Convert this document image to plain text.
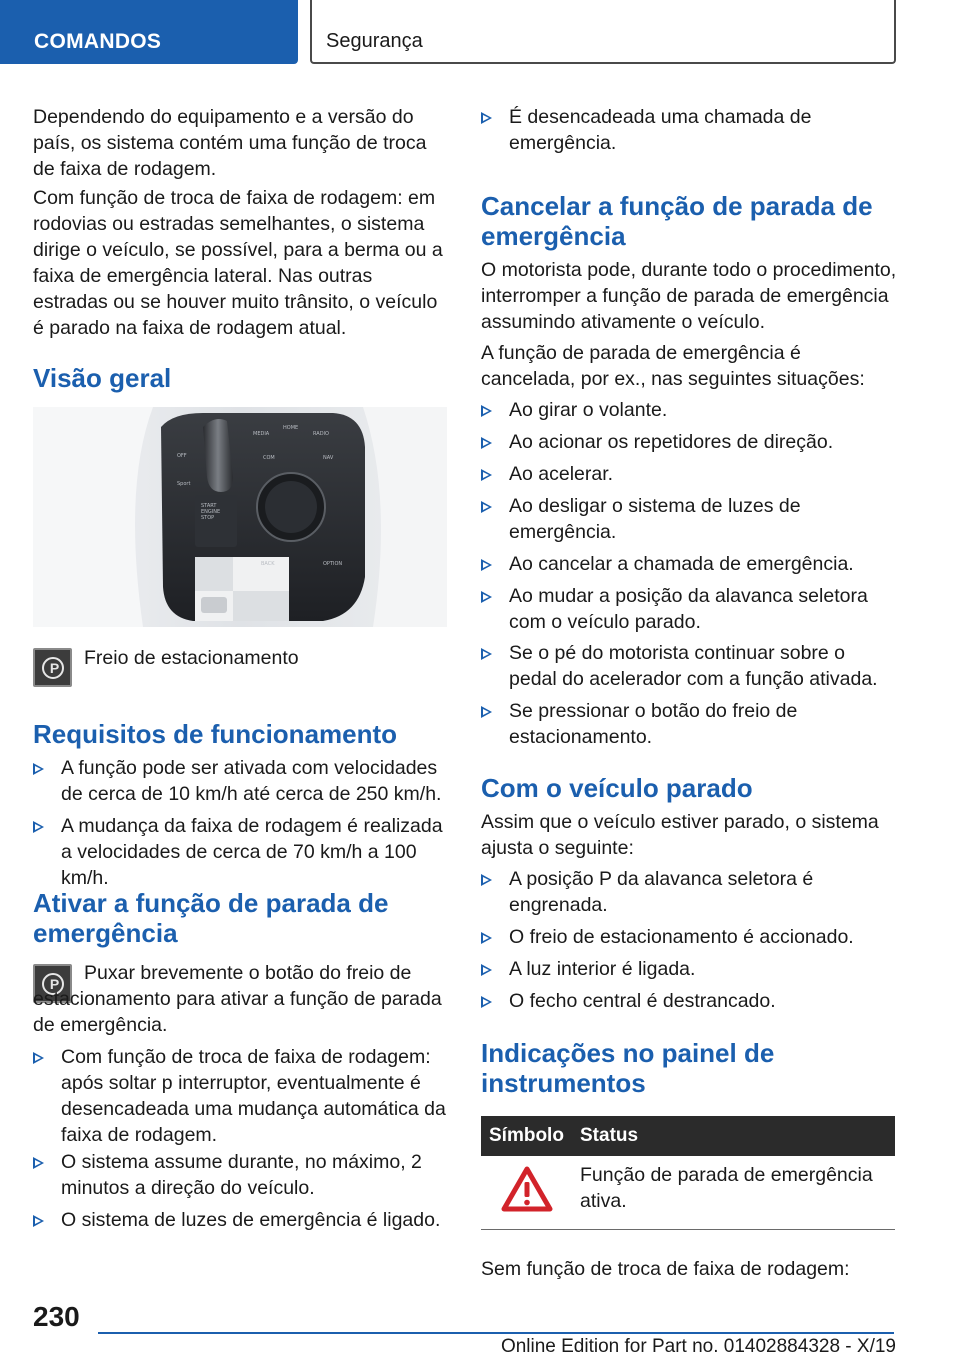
COMANDOS	Segurança
Dependendo do equipamento e a versão do país, os sistema contém uma função de troca de faixa de rodagem.
Com função de troca de faixa de rodagem: em rodovias ou estradas semelhantes, o sistema dirige o veículo, se possível, para a berma ou a faixa de emergência lateral. Nas outras estradas ou se houver muito trânsito, o veículo é parado na faixa de rodagem atual.
Visão geral
MEDIA
HOME
RADIO
COM	NAV
BACK	OPTION
OFF
Sport
START
ENGINE
STOP
P Freio de estacionamento
Requisitos de funcionamento
A função pode ser ativada com velocidades de cerca de 10 km/h até cerca de 250 km/h.
A mudança da faixa de rodagem é realizada a velocidades de cerca de 70 km/h a 100 km/h.
Ativar a função de parada de emergência
P	Puxar brevemente o botão do freio de estacionamento para ativar a função de parada de emergência.
Com função de troca de faixa de rodagem: após soltar p interruptor, eventualmente é desencadeada uma mudança automática da faixa de rodagem.
O sistema assume durante, no máximo, 2 minutos a direção do veículo.
O sistema de luzes de emergência é ligado.
É desencadeada uma chamada de emergência.
Cancelar a função de parada de emergência
O motorista pode, durante todo o procedimento, interromper a função de parada de emergência assumindo ativamente o veículo.
A função de parada de emergência é cancelada, por ex., nas seguintes situações:
Ao girar o volante.
Ao acionar os repetidores de direção.
Ao acelerar.
Ao desligar o sistema de luzes de emergência.
Ao cancelar a chamada de emergência.
Ao mudar a posição da alavanca seletora com o veículo parado.
Se o pé do motorista continuar sobre o pedal do acelerador com a função ativada.
Se pressionar o botão do freio de estacionamento.
Com o veículo parado
Assim que o veículo estiver parado, o sistema ajusta o seguinte:
A posição P da alavanca seletora é engrenada.
O freio de estacionamento é accionado.
A luz interior é ligada.
O fecho central é destrancado.
Indicações no painel de instrumentos
Símbolo Status
Função de parada de emergência ativa.
Sem função de troca de faixa de rodagem:
230
Online Edition for Part no. 01402884328 - X/19
